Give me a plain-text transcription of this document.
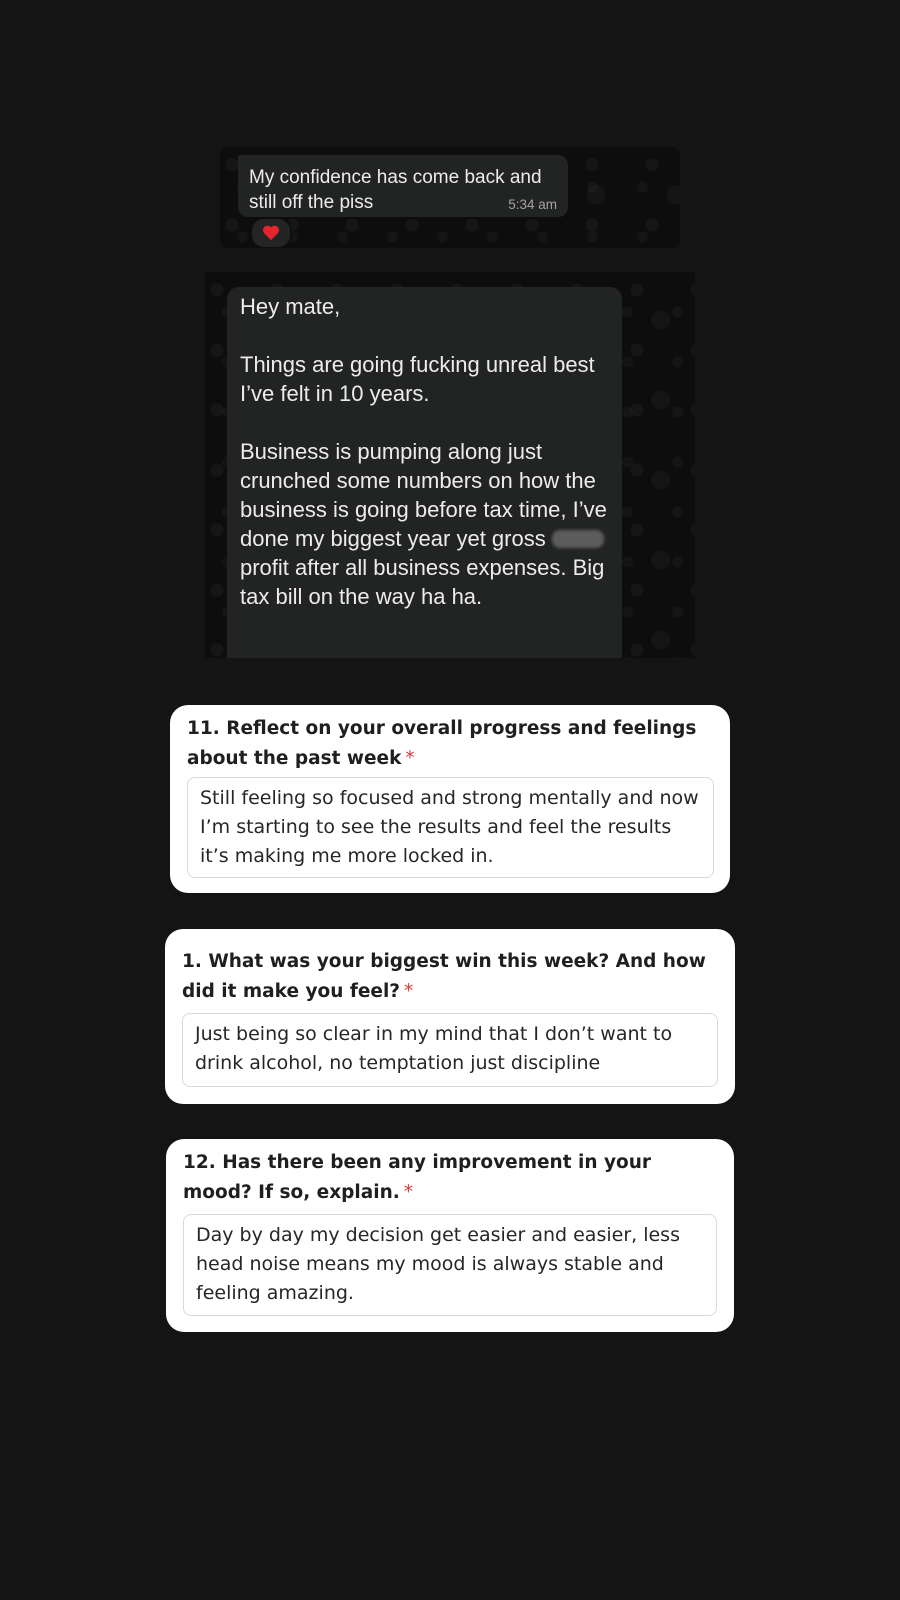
My confidence has come back and still off the piss	5:34 am
Hey mate,

Things are going fucking unreal best I’ve felt in 10 years.

Business is pumping along just crunched some numbers on how the business is going before tax time, I’ve done my biggest year yet gross  profit after all business expenses. Big tax bill on the way ha ha.
11. Reflect on your overall progress and feelings about the past week *
Still feeling so focused and strong mentally and now I’m starting to see the results and feel the results it’s making me more locked in.
1. What was your biggest win this week? And how did it make you feel? *
Just being so clear in my mind that I don’t want to drink alcohol, no temptation just discipline
12. Has there been any improvement in your mood? If so, explain. *
Day by day my decision get easier and easier, less head noise means my mood is always stable and feeling amazing.
